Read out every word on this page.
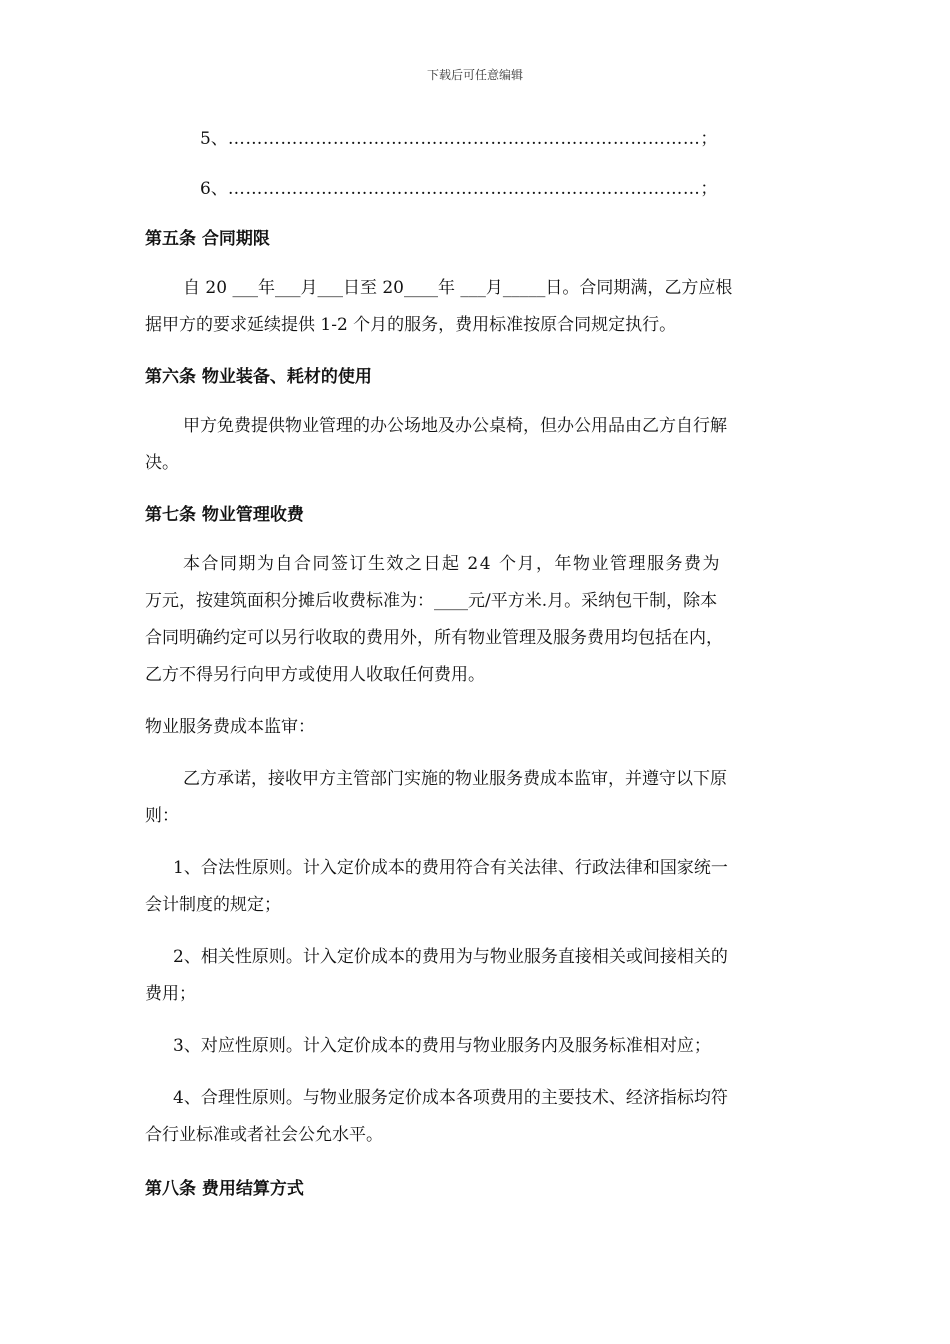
下载后可任意编辑
5、………………………………………………………………………；
6、………………………………………………………………………；
第五条 合同期限
自 20 ___年___月___日至 20____年 ___月_____日。合同期满，乙方应根
据甲方的要求延续提供 1-2 个月的服务，费用标准按原合同规定执行。
第六条 物业装备、耗材的使用
甲方免费提供物业管理的办公场地及办公桌椅，但办公用品由乙方自行解
决。
第七条 物业管理收费
本合同期为自合同签订生效之日起 24 个月，年物业管理服务费为
万元，按建筑面积分摊后收费标准为：____元/平方米.月。采纳包干制，除本
合同明确约定可以另行收取的费用外，所有物业管理及服务费用均包括在内，
乙方不得另行向甲方或使用人收取任何费用。
物业服务费成本监审：
乙方承诺，接收甲方主管部门实施的物业服务费成本监审，并遵守以下原
则：
1、合法性原则。计入定价成本的费用符合有关法律、行政法律和国家统一
会计制度的规定；
2、相关性原则。计入定价成本的费用为与物业服务直接相关或间接相关的
费用；
3、对应性原则。计入定价成本的费用与物业服务内及服务标准相对应；
4、合理性原则。与物业服务定价成本各项费用的主要技术、经济指标均符
合行业标准或者社会公允水平。
第八条 费用结算方式
